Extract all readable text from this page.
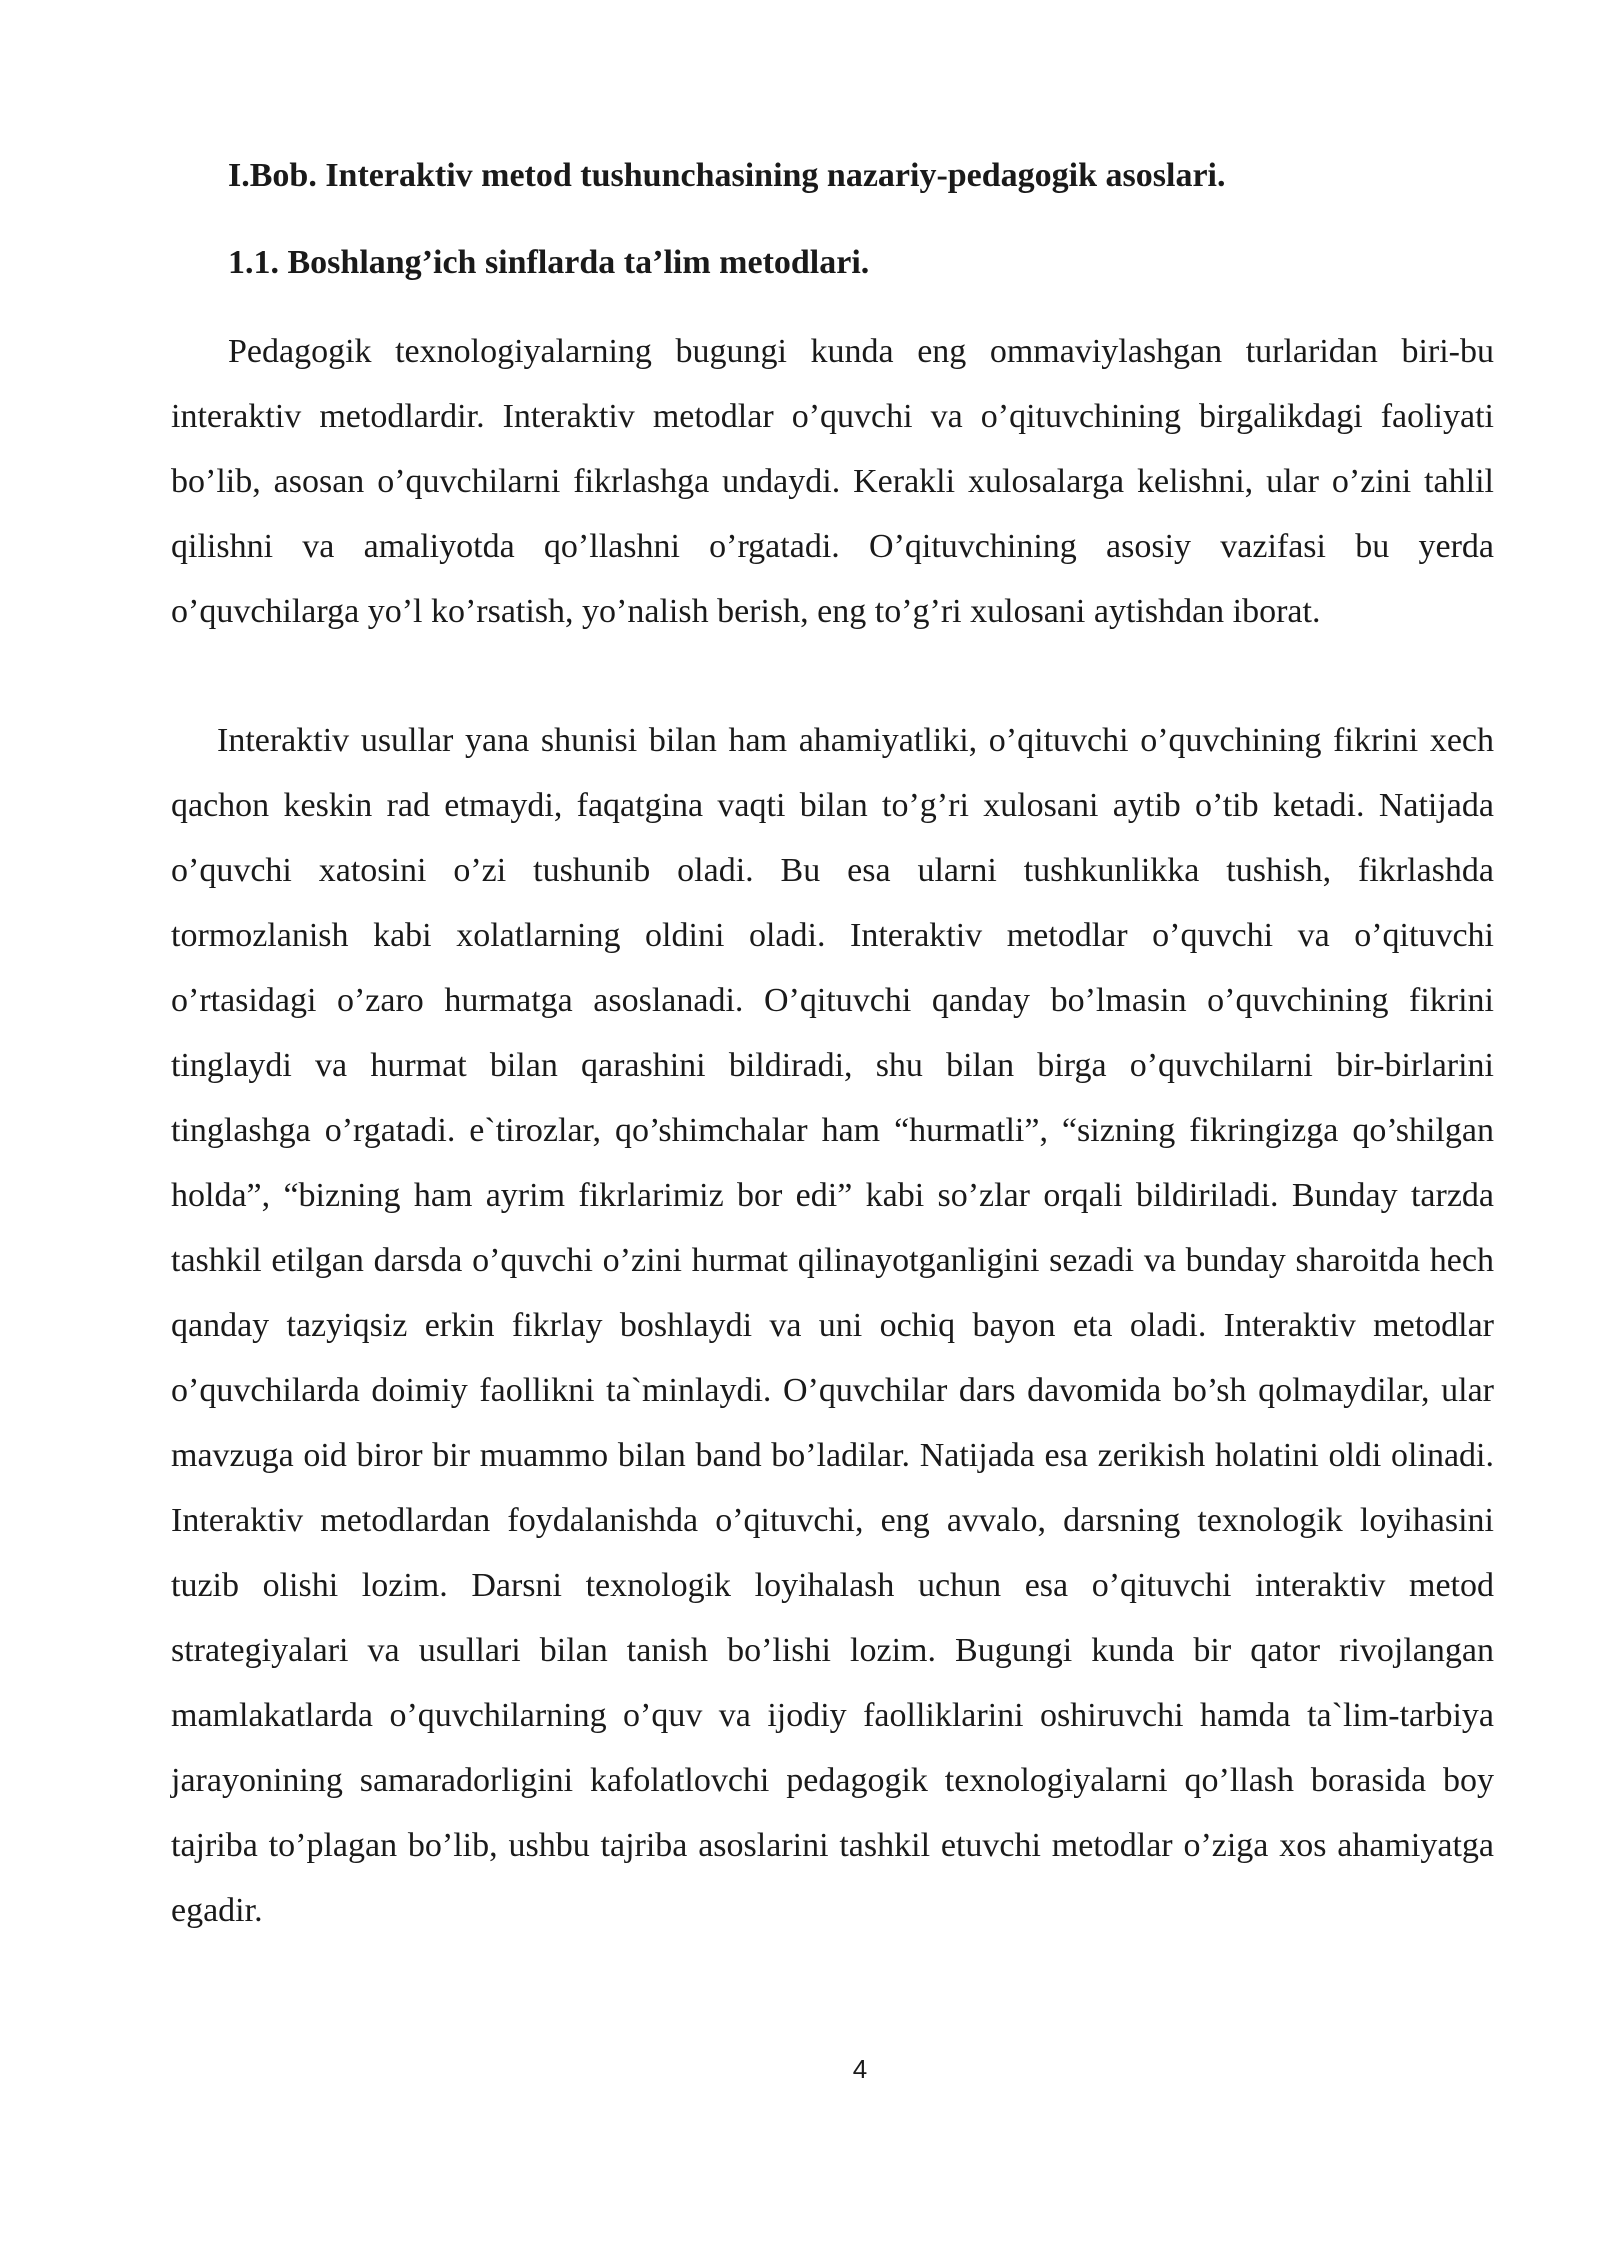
I.Bob. Interaktiv metod tushunchasining nazariy-pedagogik asoslari.
1.1. Boshlang’ich sinflarda ta’lim metodlari.

Pedagogik texnologiyalarning bugungi kunda eng ommaviylashgan turlaridan biri-bu interaktiv metodlardir. Interaktiv metodlar o’quvchi va o’qituvchining birgalikdagi faoliyati bo’lib, asosan o’quvchilarni fikrlashga undaydi. Kerakli xulosalarga kelishni, ular o’zini tahlil qilishni va amaliyotda qo’llashni o’rgatadi. O’qituvchining asosiy vazifasi bu yerda o’quvchilarga yo’l ko’rsatish, yo’nalish berish, eng to’g’ri xulosani aytishdan iborat.

Interaktiv usullar yana shunisi bilan ham ahamiyatliki, o’qituvchi o’quvchining fikrini xech qachon keskin rad etmaydi, faqatgina vaqti bilan to’g’ri xulosani aytib o’tib ketadi. Natijada o’quvchi xatosini o’zi tushunib oladi. Bu esa ularni tushkunlikka tushish, fikrlashda tormozlanish kabi xolatlarning oldini oladi. Interaktiv metodlar o’quvchi va o’qituvchi o’rtasidagi o’zaro hurmatga asoslanadi. O’qituvchi qanday bo’lmasin o’quvchining fikrini tinglaydi va hurmat bilan qarashini bildiradi, shu bilan birga o’quvchilarni bir-birlarini tinglashga o’rgatadi. e`tirozlar, qo’shimchalar ham “hurmatli”, “sizning fikringizga qo’shilgan holda”, “bizning ham ayrim fikrlarimiz bor edi” kabi so’zlar orqali bildiriladi. Bunday tarzda tashkil etilgan darsda o’quvchi o’zini hurmat qilinayotganligini sezadi va bunday sharoitda hech qanday tazyiqsiz erkin fikrlay boshlaydi va uni ochiq bayon eta oladi. Interaktiv metodlar o’quvchilarda doimiy faollikni ta`minlaydi. O’quvchilar dars davomida bo’sh qolmaydilar, ular mavzuga oid biror bir muammo bilan band bo’ladilar. Natijada esa zerikish holatini oldi olinadi. Interaktiv metodlardan foydalanishda o’qituvchi, eng avvalo, darsning texnologik loyihasini tuzib olishi lozim. Darsni texnologik loyihalash uchun esa o’qituvchi interaktiv metod strategiyalari va usullari bilan tanish bo’lishi lozim. Bugungi kunda bir qator rivojlangan mamlakatlarda o’quvchilarning o’quv va ijodiy faolliklarini oshiruvchi hamda ta`lim-tarbiya jarayonining samaradorligini kafolatlovchi pedagogik texnologiyalarni qo’llash borasida boy tajriba to’plagan bo’lib, ushbu tajriba asoslarini tashkil etuvchi metodlar o’ziga xos ahamiyatga egadir.

4
